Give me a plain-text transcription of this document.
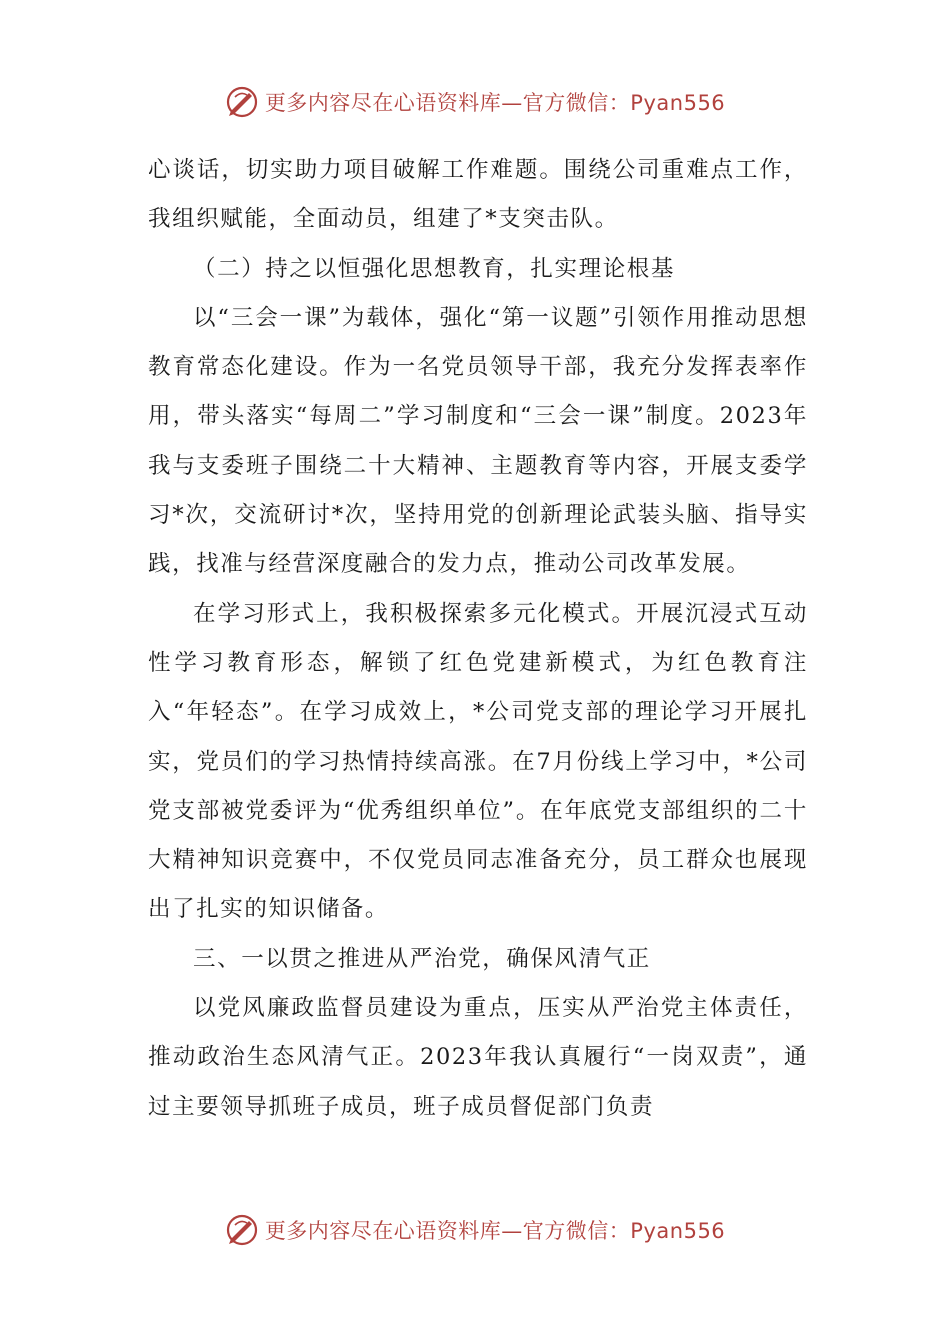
更多内容尽在心语资料库—官方微信：Pyan556

心谈话，切实助力项目破解工作难题。围绕公司重难点工作，我组织赋能，全面动员，组建了*支突击队。

（二）持之以恒强化思想教育，扎实理论根基

以“三会一课”为载体，强化“第一议题”引领作用推动思想教育常态化建设。作为一名党员领导干部，我充分发挥表率作用，带头落实“每周二”学习制度和“三会一课”制度。2023年我与支委班子围绕二十大精神、主题教育等内容，开展支委学习*次，交流研讨*次，坚持用党的创新理论武装头脑、指导实践，找准与经营深度融合的发力点，推动公司改革发展。

在学习形式上，我积极探索多元化模式。开展沉浸式互动性学习教育形态，解锁了红色党建新模式，为红色教育注入“年轻态”。在学习成效上，*公司党支部的理论学习开展扎实，党员们的学习热情持续高涨。在7月份线上学习中，*公司党支部被党委评为“优秀组织单位”。在年底党支部组织的二十大精神知识竞赛中，不仅党员同志准备充分，员工群众也展现出了扎实的知识储备。

三、一以贯之推进从严治党，确保风清气正

以党风廉政监督员建设为重点，压实从严治党主体责任，推动政治生态风清气正。2023年我认真履行“一岗双责”，通过主要领导抓班子成员，班子成员督促部门负责

更多内容尽在心语资料库—官方微信：Pyan556
